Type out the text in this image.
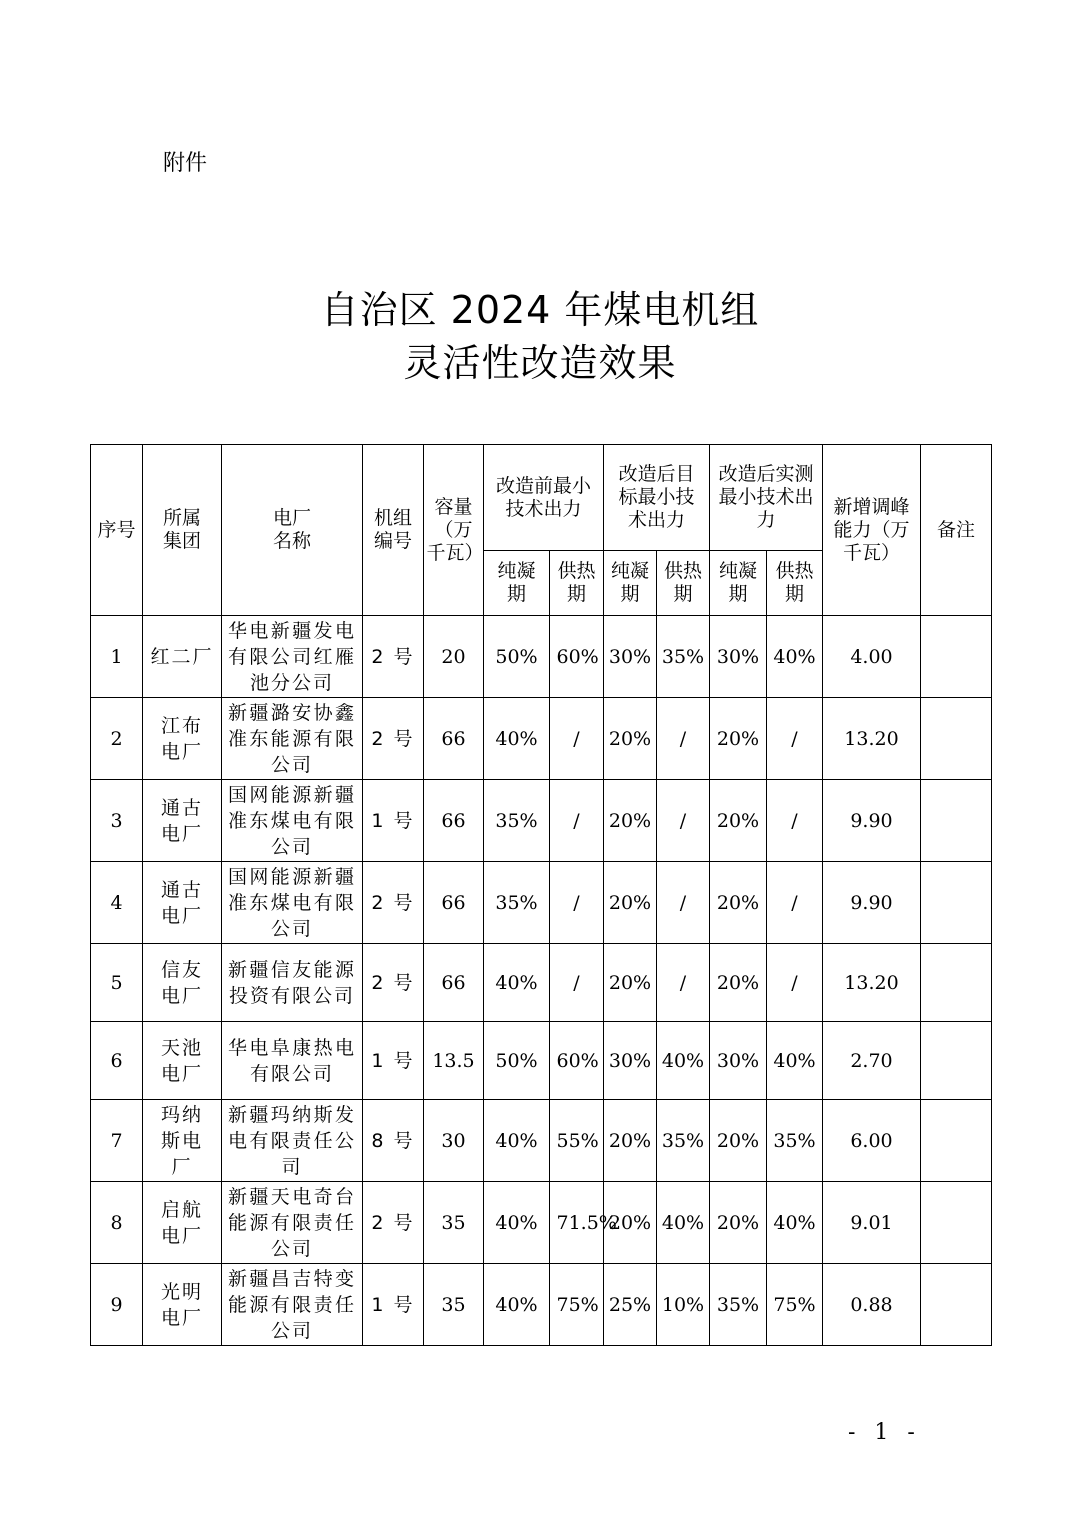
附件
自治区 2024 年煤电机组
灵活性改造效果
序号	所属集团	电厂名称	机组编号	容量（万千瓦）	改造前最小技术出力		改造后目标最小技术出力		改造后实测最小技术出力		新增调峰能力（万千瓦）	备注

					纯凝期	供热期	纯凝期	供热期	纯凝期	供热期		

1	红二厂	华电新疆发电有限公司红雁池分公司	2 号	20	50%	60%	30%	35%	30%	40%	4.00	

2	江布电厂	新疆潞安协鑫准东能源有限公司	2 号	66	40%	/	20%	/	20%	/	13.20	

3	通古电厂	国网能源新疆准东煤电有限公司	1 号	66	35%	/	20%	/	20%	/	9.90	

4	通古电厂	国网能源新疆准东煤电有限公司	2 号	66	35%	/	20%	/	20%	/	9.90	

5	信友电厂	新疆信友能源投资有限公司	2 号	66	40%	/	20%	/	20%	/	13.20	

6	天池电厂	华电阜康热电有限公司	1 号	13.5	50%	60%	30%	40%	30%	40%	2.70	

7	玛纳斯电厂	新疆玛纳斯发电有限责任公司	8 号	30	40%	55%	20%	35%	20%	35%	6.00	

8	启航电厂	新疆天电奇台能源有限责任公司	2 号	35	40%	71.5%	20%	40%	20%	40%	9.01	

9	光明电厂	新疆昌吉特变能源有限责任公司	1 号	35	40%	75%	25%	10%	35%	75%	0.88	

- 1 -
